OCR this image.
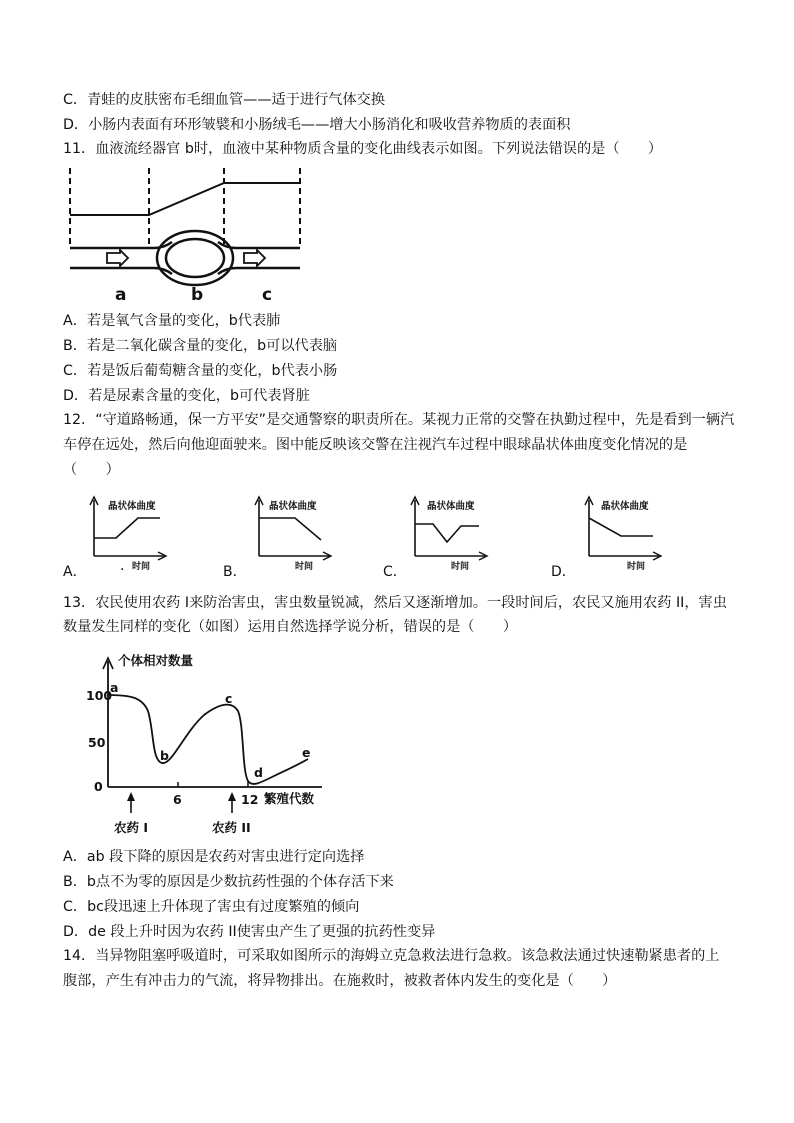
C．青蛙的皮肤密布毛细血管——适于进行气体交换
D．小肠内表面有环形皱襞和小肠绒毛——增大小肠消化和吸收营养物质的表面积
11．血液流经器官 b时，血液中某种物质含量的变化曲线表示如图。下列说法错误的是（　　）
a	b	c
A．若是氧气含量的变化，b代表肺
B．若是二氧化碳含量的变化，b可以代表脑
C．若是饭后葡萄糖含量的变化，b代表小肠
D．若是尿素含量的变化，b可代表肾脏
12．“守道路畅通，保一方平安”是交通警察的职责所在。某视力正常的交警在执勤过程中，先是看到一辆汽
车停在远处，然后向他迎面驶来。图中能反映该交警在注视汽车过程中眼球晶状体曲度变化情况的是
（　　）
A． .	B．	C．	D．
晶状体曲度
时间
晶状体曲度
时间
晶状体曲度
时间
晶状体曲度
时间
13．农民使用农药 I来防治害虫，害虫数量锐减，然后又逐渐增加。一段时间后，农民又施用农药 II，害虫
数量发生同样的变化（如图）运用自然选择学说分析，错误的是（　　）
个体相对数量
繁殖代数
100
50
0
6	12
a
b
c
d
e
农药 I	农药 II
A．ab 段下降的原因是农药对害虫进行定向选择
B．b点不为零的原因是少数抗药性强的个体存活下来
C．bc段迅速上升体现了害虫有过度繁殖的倾向
D．de 段上升时因为农药 II使害虫产生了更强的抗药性变异
14．当异物阻塞呼吸道时，可采取如图所示的海姆立克急救法进行急救。该急救法通过快速勒紧患者的上
腹部，产生有冲击力的气流，将异物排出。在施救时，被救者体内发生的变化是（　　）
